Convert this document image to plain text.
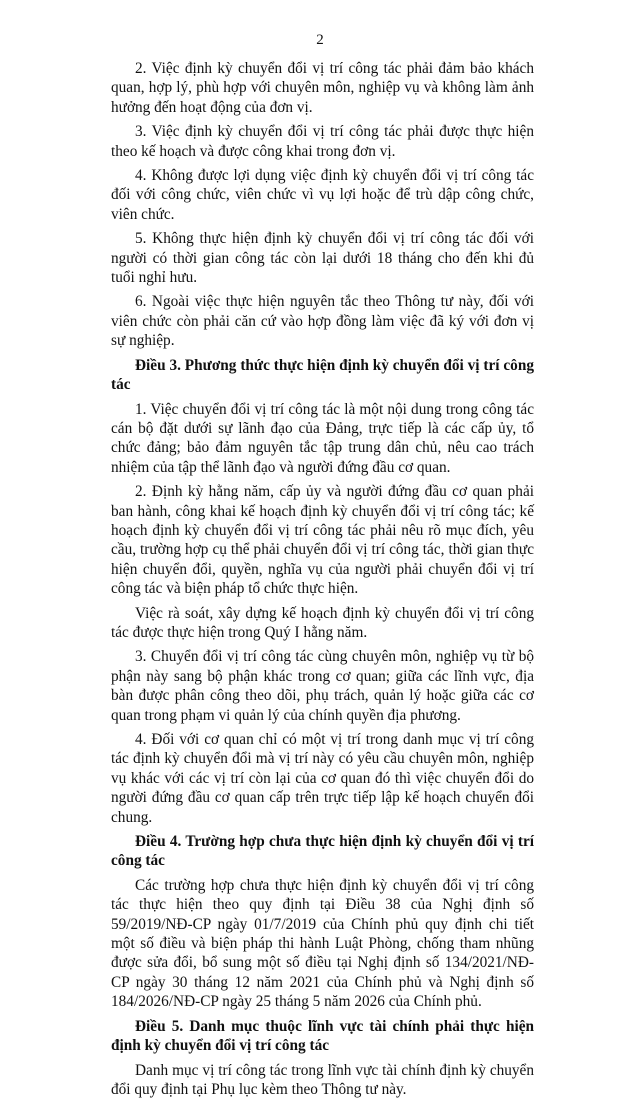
2

2. Việc định kỳ chuyển đổi vị trí công tác phải đảm bảo khách quan, hợp lý, phù hợp với chuyên môn, nghiệp vụ và không làm ảnh hưởng đến hoạt động của đơn vị.

3. Việc định kỳ chuyển đổi vị trí công tác phải được thực hiện theo kế hoạch và được công khai trong đơn vị.

4. Không được lợi dụng việc định kỳ chuyển đổi vị trí công tác đối với công chức, viên chức vì vụ lợi hoặc để trù dập công chức, viên chức.

5. Không thực hiện định kỳ chuyển đổi vị trí công tác đối với người có thời gian công tác còn lại dưới 18 tháng cho đến khi đủ tuổi nghỉ hưu.

6. Ngoài việc thực hiện nguyên tắc theo Thông tư này, đối với viên chức còn phải căn cứ vào hợp đồng làm việc đã ký với đơn vị sự nghiệp.

Điều 3. Phương thức thực hiện định kỳ chuyển đổi vị trí công tác

1. Việc chuyển đổi vị trí công tác là một nội dung trong công tác cán bộ đặt dưới sự lãnh đạo của Đảng, trực tiếp là các cấp ủy, tổ chức đảng; bảo đảm nguyên tắc tập trung dân chủ, nêu cao trách nhiệm của tập thể lãnh đạo và người đứng đầu cơ quan.

2. Định kỳ hằng năm, cấp ủy và người đứng đầu cơ quan phải ban hành, công khai kế hoạch định kỳ chuyển đổi vị trí công tác; kế hoạch định kỳ chuyển đổi vị trí công tác phải nêu rõ mục đích, yêu cầu, trường hợp cụ thể phải chuyển đổi vị trí công tác, thời gian thực hiện chuyển đổi, quyền, nghĩa vụ của người phải chuyển đổi vị trí công tác và biện pháp tổ chức thực hiện.

Việc rà soát, xây dựng kế hoạch định kỳ chuyển đổi vị trí công tác được thực hiện trong Quý I hằng năm.

3. Chuyển đổi vị trí công tác cùng chuyên môn, nghiệp vụ từ bộ phận này sang bộ phận khác trong cơ quan; giữa các lĩnh vực, địa bàn được phân công theo dõi, phụ trách, quản lý hoặc giữa các cơ quan trong phạm vi quản lý của chính quyền địa phương.

4. Đối với cơ quan chỉ có một vị trí trong danh mục vị trí công tác định kỳ chuyển đổi mà vị trí này có yêu cầu chuyên môn, nghiệp vụ khác với các vị trí còn lại của cơ quan đó thì việc chuyển đổi do người đứng đầu cơ quan cấp trên trực tiếp lập kế hoạch chuyển đổi chung.

Điều 4. Trường hợp chưa thực hiện định kỳ chuyển đổi vị trí công tác

Các trường hợp chưa thực hiện định kỳ chuyển đổi vị trí công tác thực hiện theo quy định tại Điều 38 của Nghị định số 59/2019/NĐ-CP ngày 01/7/2019 của Chính phủ quy định chi tiết một số điều và biện pháp thi hành Luật Phòng, chống tham nhũng được sửa đổi, bổ sung một số điều tại Nghị định số 134/2021/NĐ-CP ngày 30 tháng 12 năm 2021 của Chính phủ và Nghị định số 184/2026/NĐ-CP ngày 25 tháng 5 năm 2026 của Chính phủ.

Điều 5. Danh mục thuộc lĩnh vực tài chính phải thực hiện định kỳ chuyển đổi vị trí công tác

Danh mục vị trí công tác trong lĩnh vực tài chính định kỳ chuyển đổi quy định tại Phụ lục kèm theo Thông tư này.
